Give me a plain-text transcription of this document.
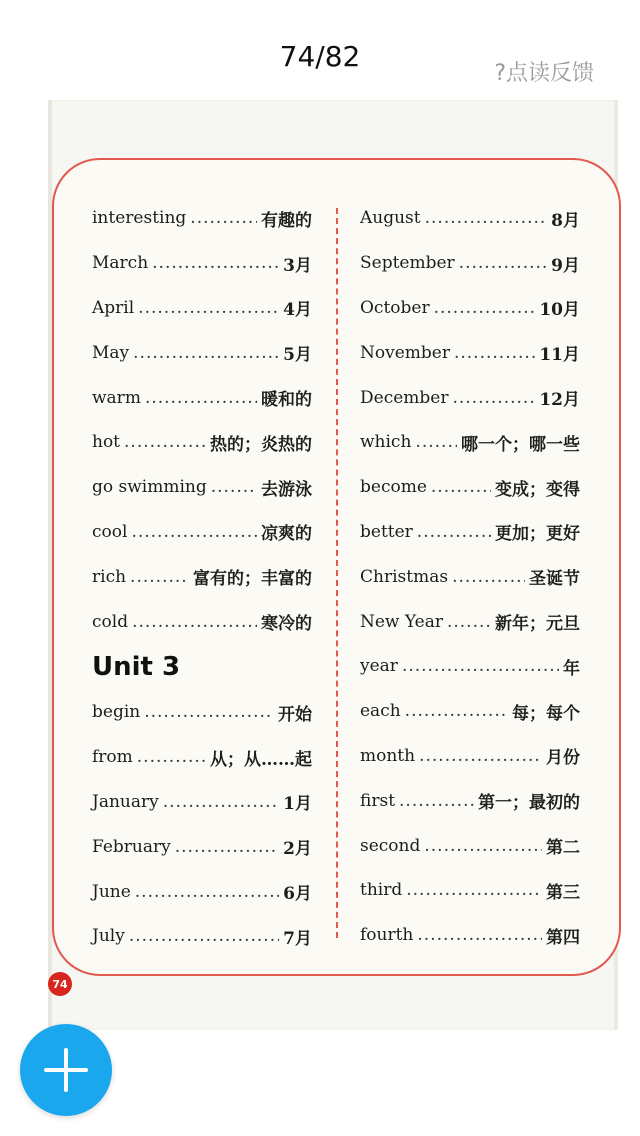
74/82
?点读反馈
interesting .....	有趣的
March .....	3月
April .....	4月
May .....	5月
warm .....	暖和的
hot .....	热的；炎热的
go swimming .....	去游泳
cool .....	凉爽的
rich .....	富有的；丰富的
cold .....	寒冷的
Unit 3
begin .....	开始
from .....	从；从……起
January .....	1月
February .....	2月
June .....	6月
July .....	7月
August .....	8月
September .....	9月
October .....	10月
November .....	11月
December .....	12月
which .....	哪一个；哪一些
become .....	变成；变得
better .....	更加；更好
Christmas .....	圣诞节
New Year .....	新年；元旦
year .....	年
each .....	每；每个
month .....	月份
first .....	第一；最初的
second .....	第二
third .....	第三
fourth .....	第四
74
